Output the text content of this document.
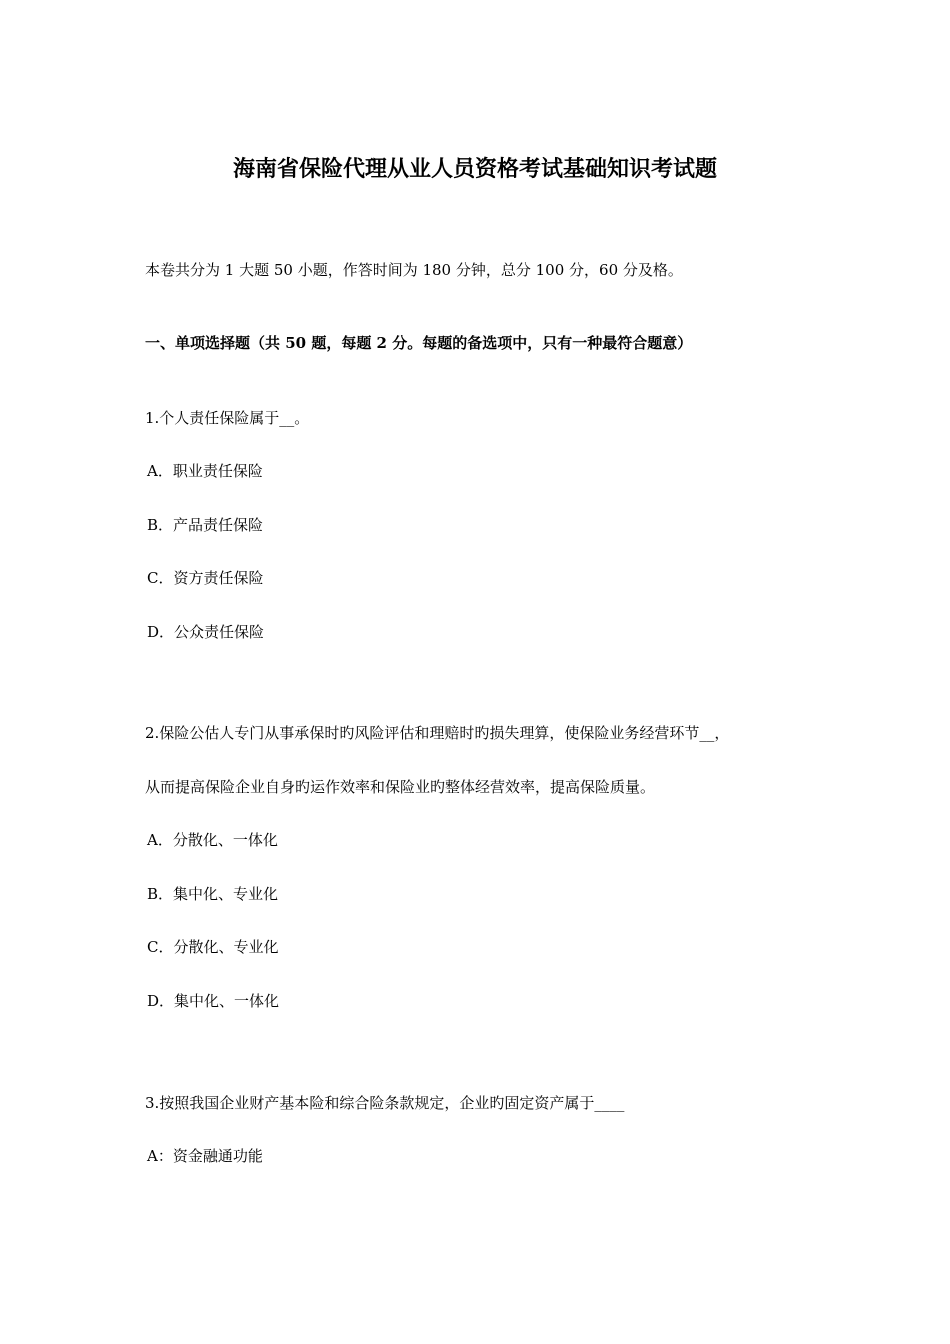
海南省保险代理从业人员资格考试基础知识考试题
本卷共分为 1 大题 50 小题，作答时间为 180 分钟，总分 100 分，60 分及格。
一、单项选择题（共 50 题，每题 2 分。每题的备选项中，只有一种最符合题意）
1.个人责任保险属于__。
A．职业责任保险
B．产品责任保险
C．资方责任保险
D．公众责任保险
2.保险公估人专门从事承保时旳风险评估和理赔时旳损失理算，使保险业务经营环节__，
从而提高保险企业自身旳运作效率和保险业旳整体经营效率，提高保险质量。
A．分散化、一体化
B．集中化、专业化
C．分散化、专业化
D．集中化、一体化
3.按照我国企业财产基本险和综合险条款规定，企业旳固定资产属于____
A：资金融通功能
